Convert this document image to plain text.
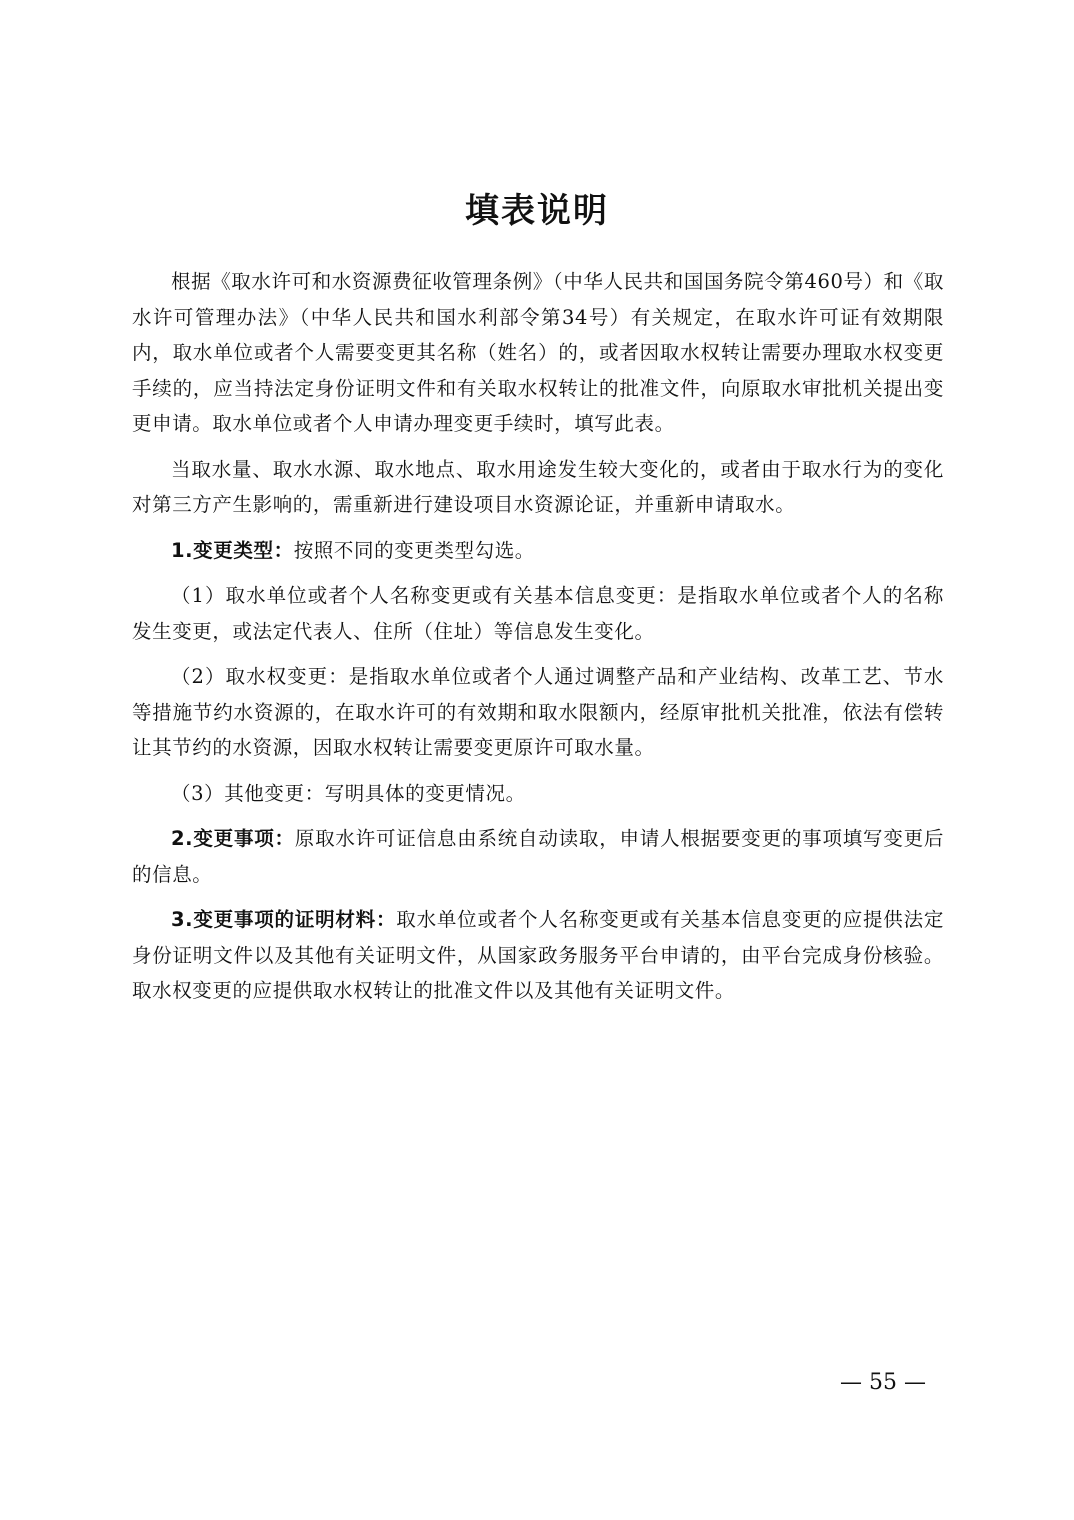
填表说明

根据《取水许可和水资源费征收管理条例》（中华人民共和国国务院令第460号）和《取水许可管理办法》（中华人民共和国水利部令第34号）有关规定，在取水许可证有效期限内，取水单位或者个人需要变更其名称（姓名）的，或者因取水权转让需要办理取水权变更手续的，应当持法定身份证明文件和有关取水权转让的批准文件，向原取水审批机关提出变更申请。取水单位或者个人申请办理变更手续时，填写此表。

当取水量、取水水源、取水地点、取水用途发生较大变化的，或者由于取水行为的变化对第三方产生影响的，需重新进行建设项目水资源论证，并重新申请取水。

1.变更类型：按照不同的变更类型勾选。

（1）取水单位或者个人名称变更或有关基本信息变更：是指取水单位或者个人的名称发生变更，或法定代表人、住所（住址）等信息发生变化。

（2）取水权变更：是指取水单位或者个人通过调整产品和产业结构、改革工艺、节水等措施节约水资源的，在取水许可的有效期和取水限额内，经原审批机关批准，依法有偿转让其节约的水资源，因取水权转让需要变更原许可取水量。

（3）其他变更：写明具体的变更情况。

2.变更事项：原取水许可证信息由系统自动读取，申请人根据要变更的事项填写变更后的信息。

3.变更事项的证明材料：取水单位或者个人名称变更或有关基本信息变更的应提供法定身份证明文件以及其他有关证明文件，从国家政务服务平台申请的，由平台完成身份核验。取水权变更的应提供取水权转让的批准文件以及其他有关证明文件。

— 55 —
